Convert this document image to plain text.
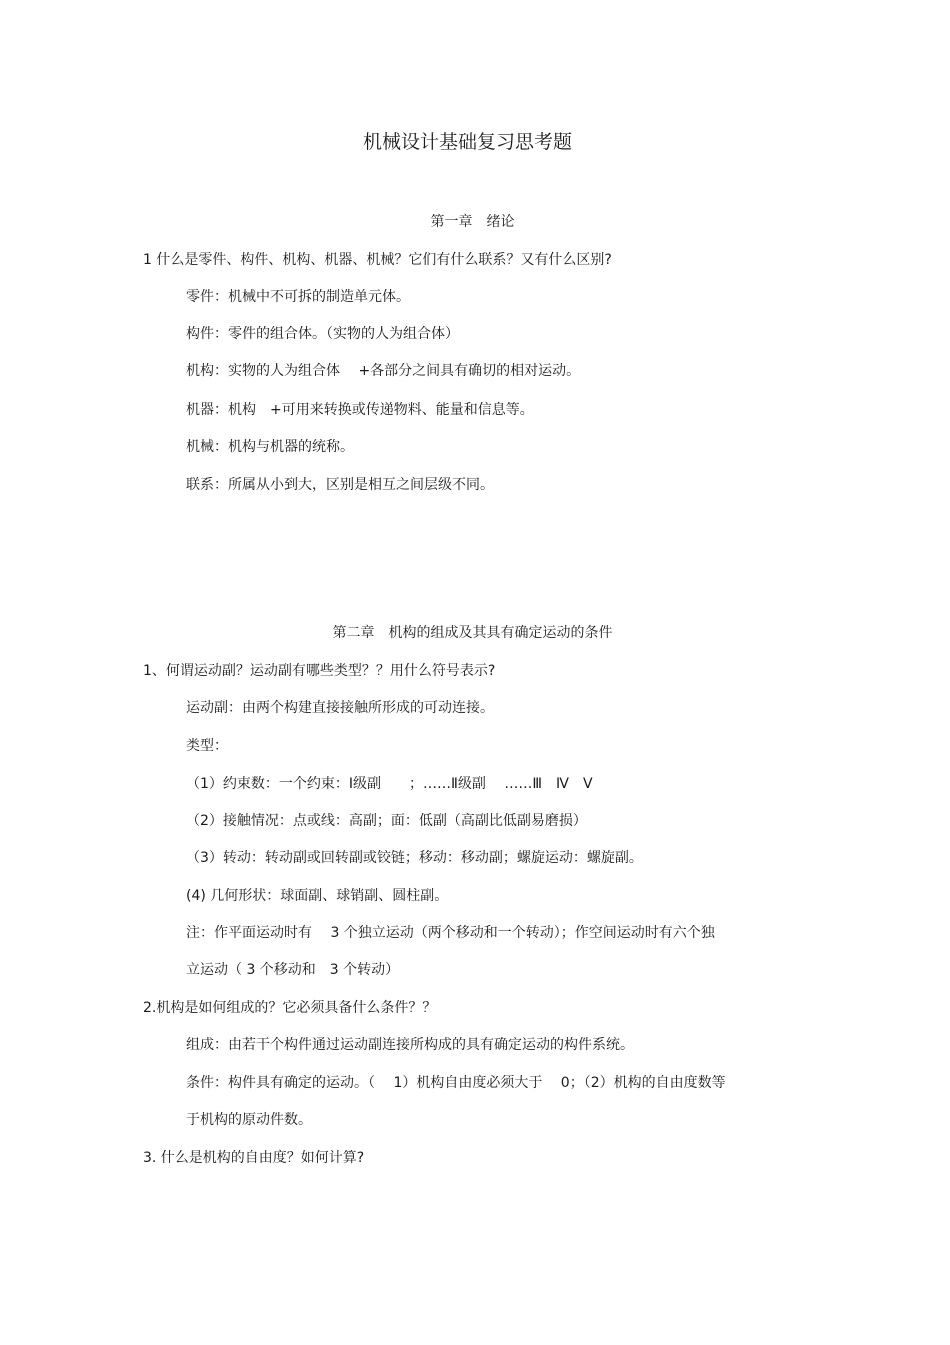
机械设计基础复习思考题
第一章　绪论
1 什么是零件、构件、机构、机器、机械？它们有什么联系？又有什么区别?
零件：机械中不可拆的制造单元体。
构件：零件的组合体。（实物的人为组合体）
机构：实物的人为组合体　 +各部分之间具有确切的相对运动。
机器：机构　+可用来转换或传递物料、能量和信息等。
机械：机构与机器的统称。
联系：所属从小到大，区别是相互之间层级不同。
第二章　机构的组成及其具有确定运动的条件
1、何谓运动副？运动副有哪些类型？？用什么符号表示?
运动副：由两个构建直接接触所形成的可动连接。
类型：
（1）约束数：一个约束：Ⅰ级副　　；……Ⅱ级副　 ……Ⅲ　Ⅳ　Ⅴ
（2）接触情况：点或线：高副；面：低副（高副比低副易磨损）
（3）转动：转动副或回转副或铰链；移动：移动副；螺旋运动：螺旋副。
(4) 几何形状：球面副、球销副、圆柱副。
注：作平面运动时有　 3 个独立运动（两个移动和一个转动）；作空间运动时有六个独
立运动（ 3 个移动和　3 个转动）
2.机构是如何组成的？它必须具备什么条件？？
组成：由若干个构件通过运动副连接所构成的具有确定运动的构件系统。
条件：构件具有确定的运动。（　 1）机构自由度必须大于　 0；（2）机构的自由度数等
于机构的原动件数。
3. 什么是机构的自由度？如何计算?
